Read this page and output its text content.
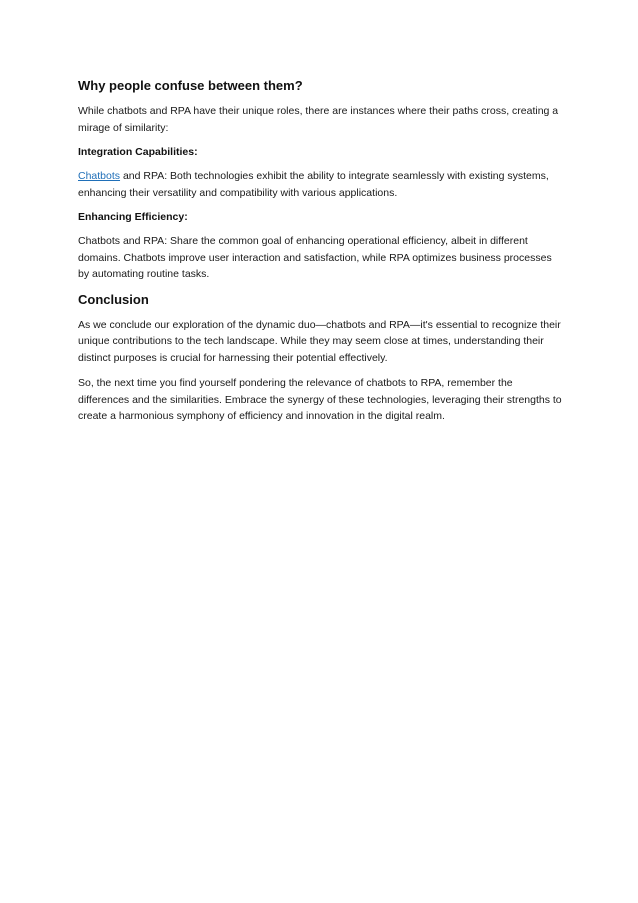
Why people confuse between them?

While chatbots and RPA have their unique roles, there are instances where their paths cross, creating a mirage of similarity:

Integration Capabilities:

Chatbots and RPA: Both technologies exhibit the ability to integrate seamlessly with existing systems, enhancing their versatility and compatibility with various applications.

Enhancing Efficiency:

Chatbots and RPA: Share the common goal of enhancing operational efficiency, albeit in different domains. Chatbots improve user interaction and satisfaction, while RPA optimizes business processes by automating routine tasks.

Conclusion

As we conclude our exploration of the dynamic duo—chatbots and RPA—it's essential to recognize their unique contributions to the tech landscape. While they may seem close at times, understanding their distinct purposes is crucial for harnessing their potential effectively.

So, the next time you find yourself pondering the relevance of chatbots to RPA, remember the differences and the similarities. Embrace the synergy of these technologies, leveraging their strengths to create a harmonious symphony of efficiency and innovation in the digital realm.
